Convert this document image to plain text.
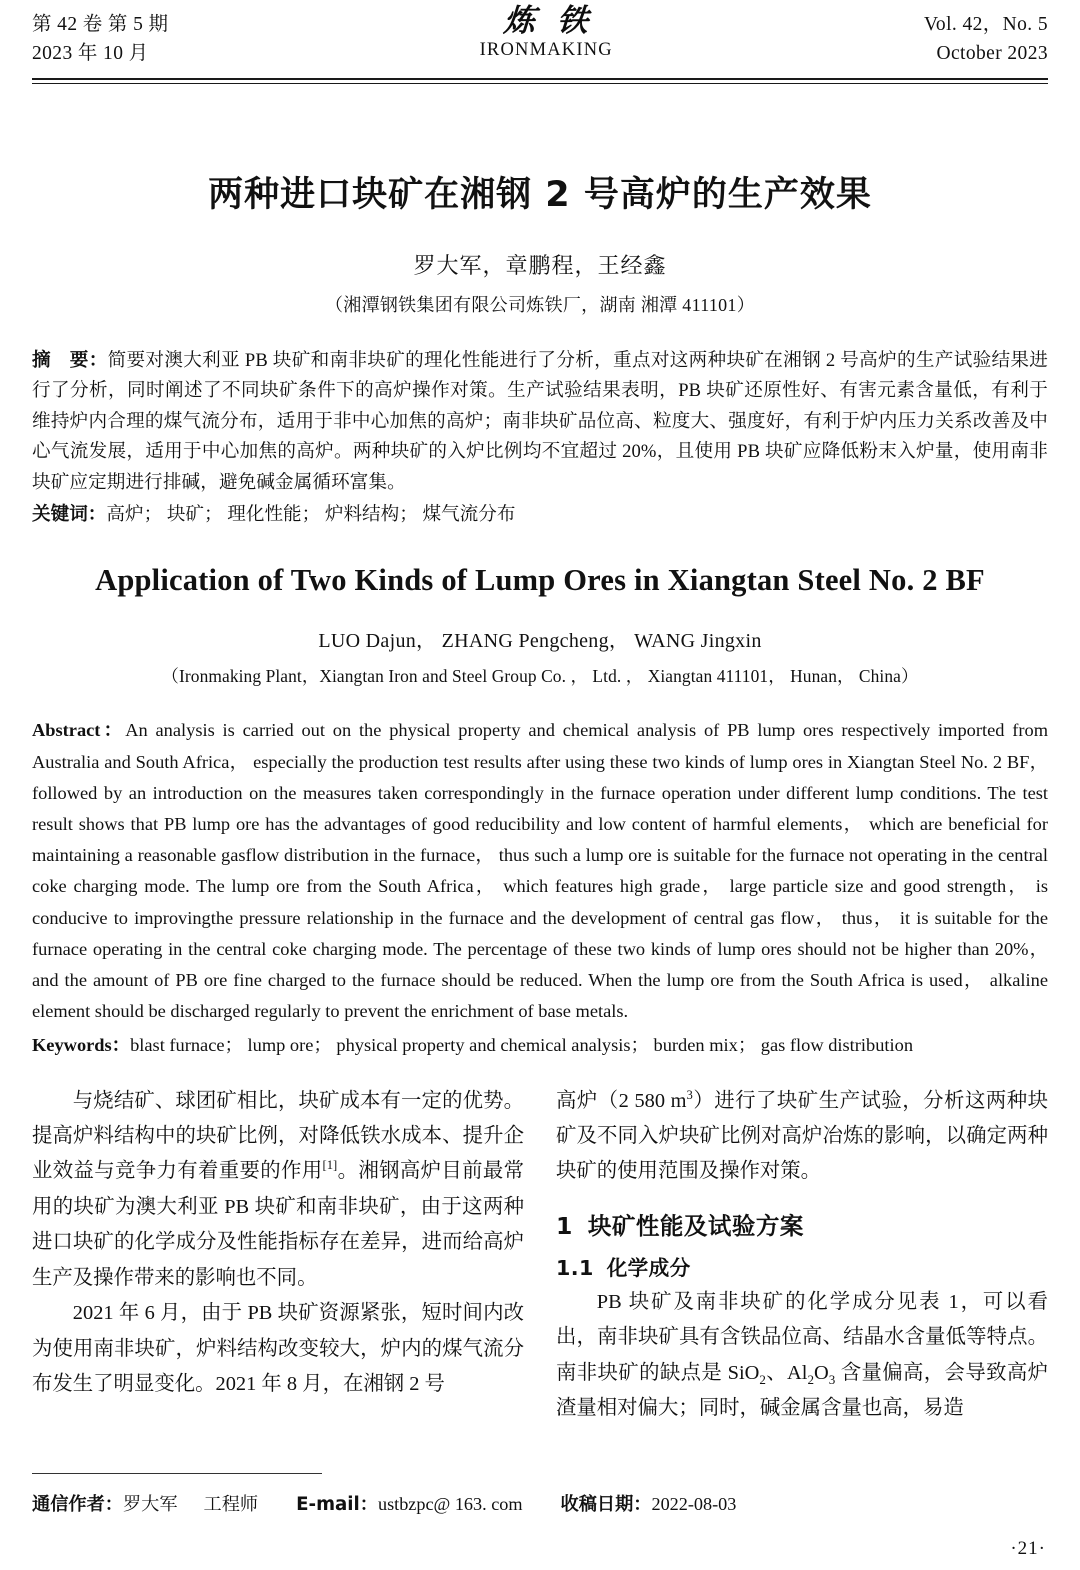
第 42 卷 第 5 期
2023 年 10 月
炼铁
IRONMAKING
Vol. 42，No. 5
October 2023
两种进口块矿在湘钢 2 号高炉的生产效果
罗大军，章鹏程，王经鑫
（湘潭钢铁集团有限公司炼铁厂，湖南 湘潭 411101）
摘　要：简要对澳大利亚 PB 块矿和南非块矿的理化性能进行了分析，重点对这两种块矿在湘钢 2 号高炉的生产试验结果进行了分析，同时阐述了不同块矿条件下的高炉操作对策。生产试验结果表明，PB 块矿还原性好、有害元素含量低，有利于维持炉内合理的煤气流分布，适用于非中心加焦的高炉；南非块矿品位高、粒度大、强度好，有利于炉内压力关系改善及中心气流发展，适用于中心加焦的高炉。两种块矿的入炉比例均不宜超过 20%，且使用 PB 块矿应降低粉末入炉量，使用南非块矿应定期进行排碱，避免碱金属循环富集。
关键词：高炉； 块矿； 理化性能； 炉料结构； 煤气流分布
Application of Two Kinds of Lump Ores in Xiangtan Steel No. 2 BF
LUO Dajun， ZHANG Pengcheng， WANG Jingxin
（Ironmaking Plant，Xiangtan Iron and Steel Group Co. ， Ltd. ， Xiangtan 411101， Hunan， China）
Abstract：An analysis is carried out on the physical property and chemical analysis of PB lump ores respectively imported from Australia and South Africa， especially the production test results after using these two kinds of lump ores in Xiangtan Steel No. 2 BF， followed by an introduction on the measures taken correspondingly in the furnace operation under different lump conditions. The test result shows that PB lump ore has the advantages of good reducibility and low content of harmful elements， which are beneficial for maintaining a reasonable gasflow distribution in the furnace， thus such a lump ore is suitable for the furnace not operating in the central coke charging mode. The lump ore from the South Africa， which features high grade， large particle size and good strength， is conducive to improvingthe pressure relationship in the furnace and the development of central gas flow， thus， it is suitable for the furnace operating in the central coke charging mode. The percentage of these two kinds of lump ores should not be higher than 20%， and the amount of PB ore fine charged to the furnace should be reduced. When the lump ore from the South Africa is used， alkaline element should be discharged regularly to prevent the enrichment of base metals.
Keywords：blast furnace； lump ore； physical property and chemical analysis； burden mix； gas flow distribution

与烧结矿、球团矿相比，块矿成本有一定的优势。提高炉料结构中的块矿比例，对降低铁水成本、提升企业效益与竞争力有着重要的作用[1]。湘钢高炉目前最常用的块矿为澳大利亚 PB 块矿和南非块矿，由于这两种进口块矿的化学成分及性能指标存在差异，进而给高炉生产及操作带来的影响也不同。

2021 年 6 月，由于 PB 块矿资源紧张，短时间内改为使用南非块矿，炉料结构改变较大，炉内的煤气流分布发生了明显变化。2021 年 8 月，在湘钢 2 号

高炉（2 580 $m^3$）进行了块矿生产试验，分析这两种块矿及不同入炉块矿比例对高炉冶炼的影响，以确定两种块矿的使用范围及操作对策。

1 块矿性能及试验方案
1.1 化学成分

PB 块矿及南非块矿的化学成分见表 1，可以看出，南非块矿具有含铁品位高、结晶水含量低等特点。南非块矿的缺点是 SiO$_2$、$Al_2O_3$ 含量偏高，会导致高炉渣量相对偏大；同时，碱金属含量也高，易造

通信作者：罗大军 工程师 E-mail：ustbzpc@ 163. com 收稿日期：2022-08-03
·21·
